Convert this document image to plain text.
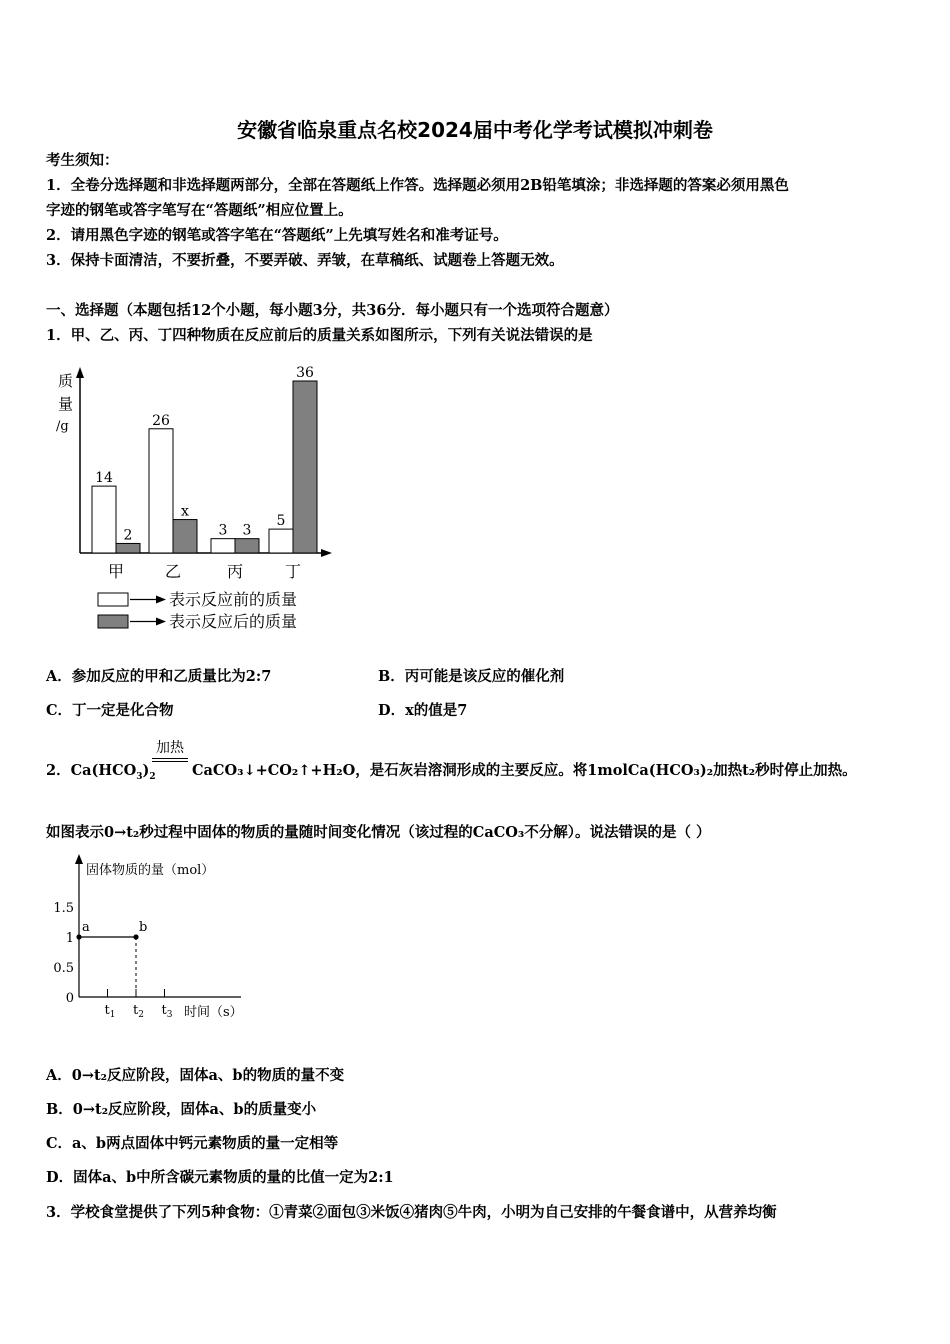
安徽省临泉重点名校2024届中考化学考试模拟冲刺卷
考生须知：
1．全卷分选择题和非选择题两部分，全部在答题纸上作答。选择题必须用2B铅笔填涂；非选择题的答案必须用黑色
字迹的钢笔或答字笔写在“答题纸”相应位置上。
2．请用黑色字迹的钢笔或答字笔在“答题纸”上先填写姓名和准考证号。
3．保持卡面清洁，不要折叠，不要弄破、弄皱，在草稿纸、试题卷上答题无效。
一、选择题（本题包括12个小题，每小题3分，共36分．每小题只有一个选项符合题意）
1．甲、乙、丙、丁四种物质在反应前后的质量关系如图所示，下列有关说法错误的是
质
量
/g
14
2
甲
26
x
乙
3 3
丙
5
36
丁
表示反应前的质量
表示反应后的质量
A．参加反应的甲和乙质量比为2:7	B．丙可能是该反应的催化剂
C．丁一定是化合物	D．x的值是7
加热
2．$Ca(HCO_3)_2$	CaCO₃↓+CO₂↑+H₂O，是石灰岩溶洞形成的主要反应。将1molCa(HCO₃)₂加热t₂秒时停止加热。
如图表示0→t₂秒过程中固体的物质的量随时间变化情况（该过程的CaCO₃不分解）。说法错误的是（ ）
固体物质的量（mol）
时间（s）
1.5
1
0.5
0
$t_1$ $t_2$ $t_3$
a	b
A．0→t₂反应阶段，固体a、b的物质的量不变
B．0→t₂反应阶段，固体a、b的质量变小
C．a、b两点固体中钙元素物质的量一定相等
D．固体a、b中所含碳元素物质的量的比值一定为2:1
3．学校食堂提供了下列5种食物：①青菜②面包③米饭④猪肉⑤牛肉，小明为自己安排的午餐食谱中，从营养均衡
